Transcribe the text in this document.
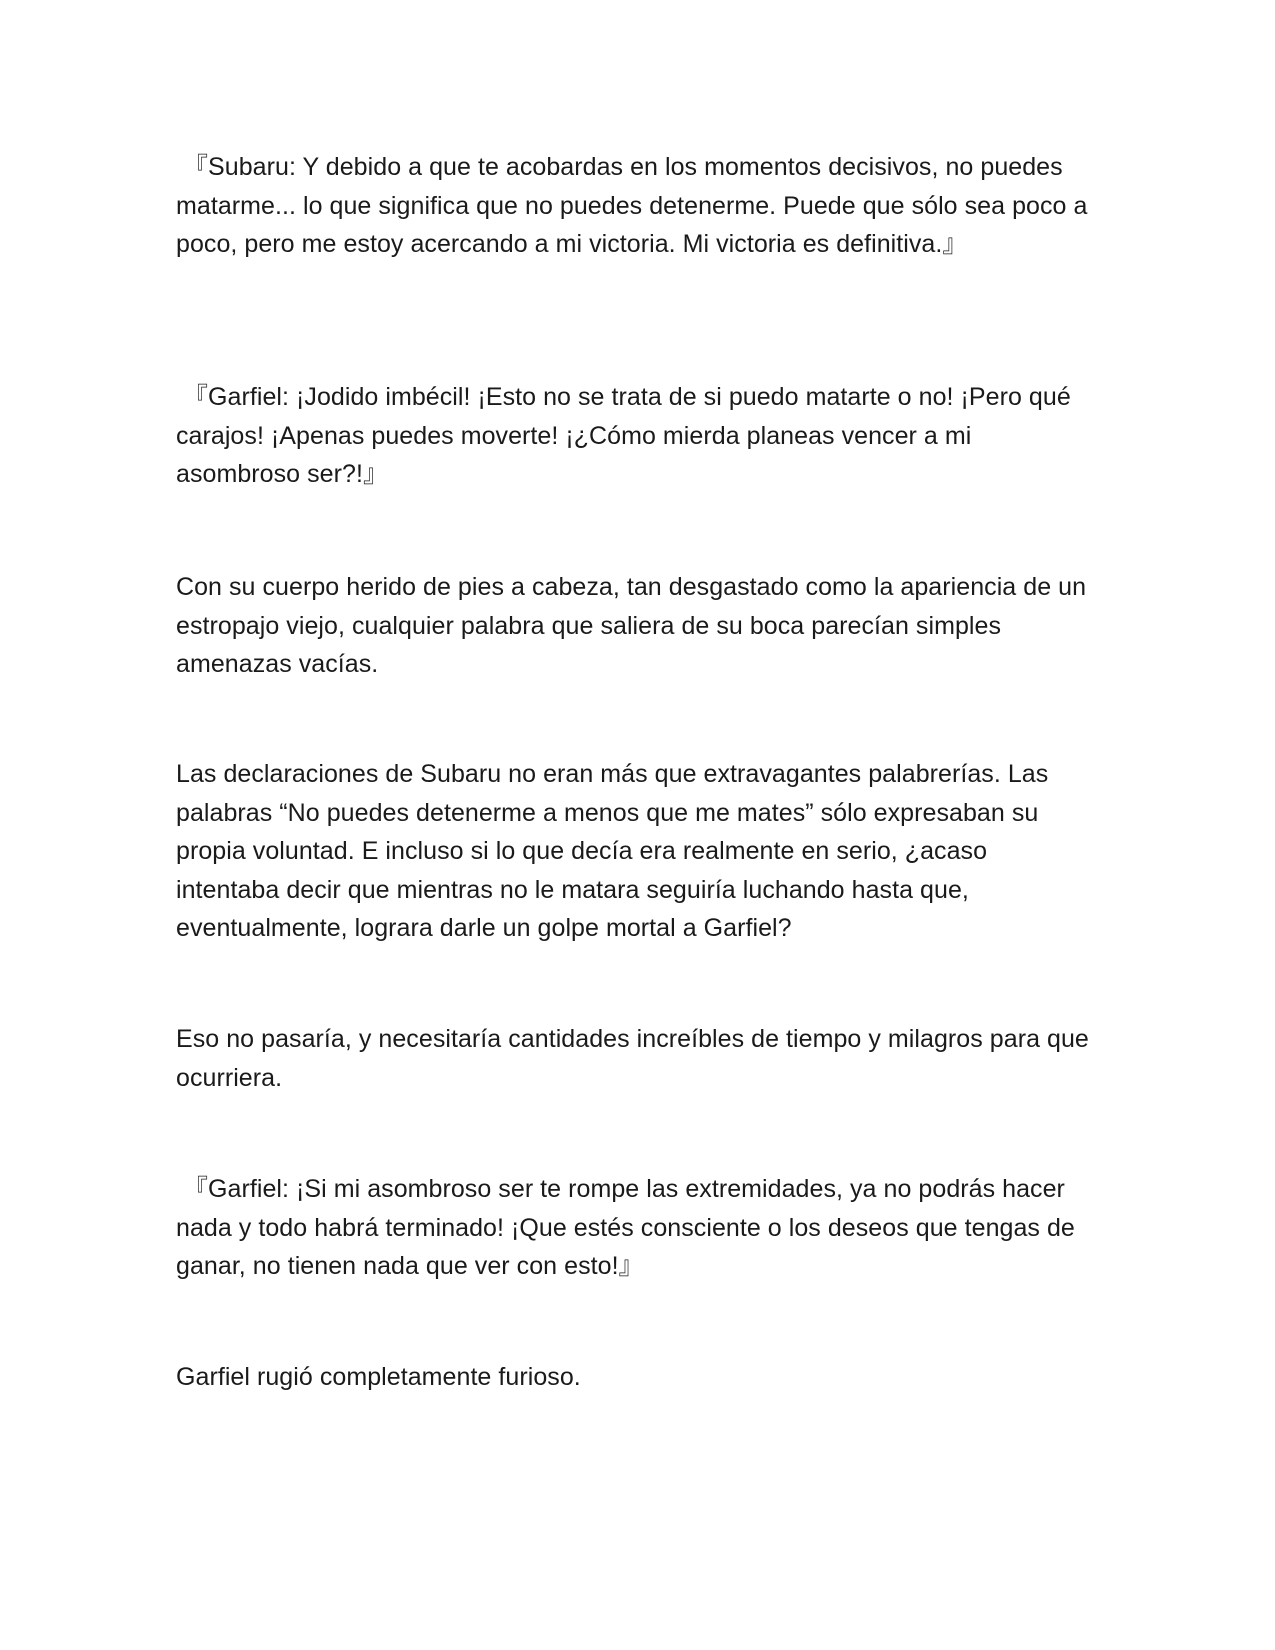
『Subaru: Y debido a que te acobardas en los momentos decisivos, no puedes matarme... lo que significa que no puedes detenerme. Puede que sólo sea poco a poco, pero me estoy acercando a mi victoria. Mi victoria es definitiva.』

『Garfiel: ¡Jodido imbécil! ¡Esto no se trata de si puedo matarte o no! ¡Pero qué carajos! ¡Apenas puedes moverte! ¡¿Cómo mierda planeas vencer a mi asombroso ser?!』

Con su cuerpo herido de pies a cabeza, tan desgastado como la apariencia de un estropajo viejo, cualquier palabra que saliera de su boca parecían simples amenazas vacías.

Las declaraciones de Subaru no eran más que extravagantes palabrerías. Las palabras “No puedes detenerme a menos que me mates” sólo expresaban su propia voluntad. E incluso si lo que decía era realmente en serio, ¿acaso intentaba decir que mientras no le matara seguiría luchando hasta que, eventualmente, lograra darle un golpe mortal a Garfiel?

Eso no pasaría, y necesitaría cantidades increíbles de tiempo y milagros para que ocurriera.

『Garfiel: ¡Si mi asombroso ser te rompe las extremidades, ya no podrás hacer nada y todo habrá terminado! ¡Que estés consciente o los deseos que tengas de ganar, no tienen nada que ver con esto!』

Garfiel rugió completamente furioso.
